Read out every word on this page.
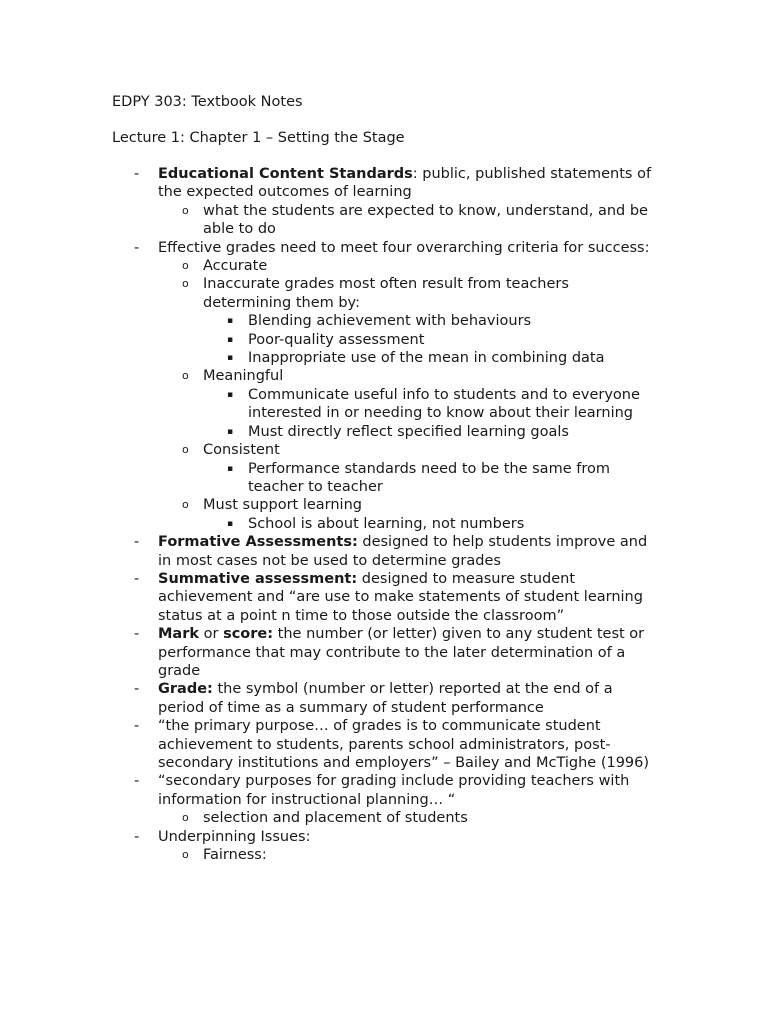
EDPY 303: Textbook Notes
Lecture 1: Chapter 1 – Setting the Stage
- Educational Content Standards: public, published statements of the expected outcomes of learning
o what the students are expected to know, understand, and be able to do
- Effective grades need to meet four overarching criteria for success:
o Accurate
o Inaccurate grades most often result from teachers determining them by:
▪ Blending achievement with behaviours
▪ Poor-quality assessment
▪ Inappropriate use of the mean in combining data
o Meaningful
▪ Communicate useful info to students and to everyone interested in or needing to know about their learning
▪ Must directly reflect specified learning goals
o Consistent
▪ Performance standards need to be the same from teacher to teacher
o Must support learning
▪ School is about learning, not numbers
- Formative Assessments: designed to help students improve and in most cases not be used to determine grades
- Summative assessment: designed to measure student achievement and “are use to make statements of student learning status at a point n time to those outside the classroom”
- Mark or score: the number (or letter) given to any student test or performance that may contribute to the later determination of a grade
- Grade: the symbol (number or letter) reported at the end of a period of time as a summary of student performance
- “the primary purpose… of grades is to communicate student achievement to students, parents school administrators, post-secondary institutions and employers” – Bailey and McTighe (1996)
- “secondary purposes for grading include providing teachers with information for instructional planning… “
o selection and placement of students
- Underpinning Issues:
o Fairness:
